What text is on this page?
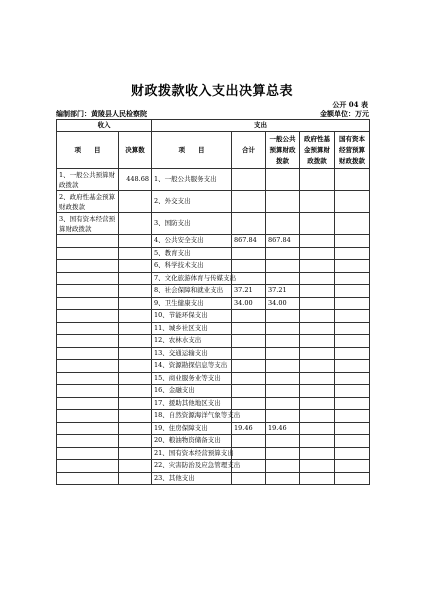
财政拨款收入支出决算总表
公开 04 表
编制部门：黄陵县人民检察院	金额单位：万元
收入		支出				
项　　目	决算数	项　　目	合计	一般公共预算财政拨款	政府性基金预算财政拨款	国有资本经营预算财政拨款
1、一般公共预算财政拨款	448.68	1、一般公共服务支出				
2、政府性基金预算财政拨款		2、外交支出				
3、国有资本经营预算财政拨款		3、国防支出				
		4、公共安全支出	867.84	867.84		
		5、教育支出				
		6、科学技术支出				
		7、文化旅游体育与传媒支出				
		8、社会保障和就业支出	37.21	37.21		
		9、卫生健康支出	34.00	34.00		
		10、节能环保支出				
		11、城乡社区支出				
		12、农林水支出				
		13、交通运输支出				
		14、资源勘探信息等支出				
		15、商业服务业等支出				
		16、金融支出				
		17、援助其他地区支出				
		18、自然资源海洋气象等支出				
		19、住房保障支出	19.46	19.46		
		20、粮油物资储备支出				
		21、国有资本经营预算支出				
		22、灾害防治及应急管理支出				
		23、其他支出				
